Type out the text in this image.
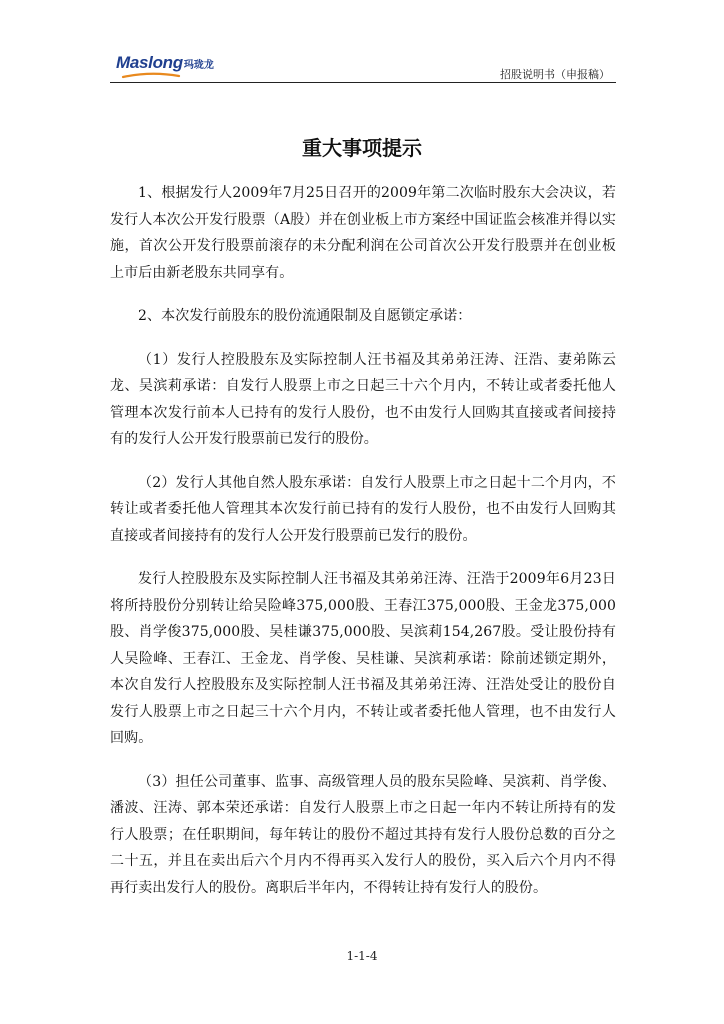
Maslong 玛珑龙
招股说明书（申报稿）
重大事项提示

1、根据发行人2009年7月25日召开的2009年第二次临时股东大会决议，若发行人本次公开发行股票（A股）并在创业板上市方案经中国证监会核准并得以实施，首次公开发行股票前滚存的未分配利润在公司首次公开发行股票并在创业板上市后由新老股东共同享有。

2、本次发行前股东的股份流通限制及自愿锁定承诺：

（1）发行人控股股东及实际控制人汪书福及其弟弟汪涛、汪浩、妻弟陈云龙、吴滨莉承诺：自发行人股票上市之日起三十六个月内，不转让或者委托他人管理本次发行前本人已持有的发行人股份，也不由发行人回购其直接或者间接持有的发行人公开发行股票前已发行的股份。

（2）发行人其他自然人股东承诺：自发行人股票上市之日起十二个月内，不转让或者委托他人管理其本次发行前已持有的发行人股份，也不由发行人回购其直接或者间接持有的发行人公开发行股票前已发行的股份。

发行人控股股东及实际控制人汪书福及其弟弟汪涛、汪浩于2009年6月23日将所持股份分别转让给吴险峰375,000股、王春江375,000股、王金龙375,000股、肖学俊375,000股、吴桂谦375,000股、吴滨莉154,267股。受让股份持有人吴险峰、王春江、王金龙、肖学俊、吴桂谦、吴滨莉承诺：除前述锁定期外，本次自发行人控股股东及实际控制人汪书福及其弟弟汪涛、汪浩处受让的股份自发行人股票上市之日起三十六个月内，不转让或者委托他人管理，也不由发行人回购。

（3）担任公司董事、监事、高级管理人员的股东吴险峰、吴滨莉、肖学俊、潘波、汪涛、郭本荣还承诺：自发行人股票上市之日起一年内不转让所持有的发行人股票；在任职期间，每年转让的股份不超过其持有发行人股份总数的百分之二十五，并且在卖出后六个月内不得再买入发行人的股份，买入后六个月内不得再行卖出发行人的股份。离职后半年内，不得转让持有发行人的股份。

1-1-4
